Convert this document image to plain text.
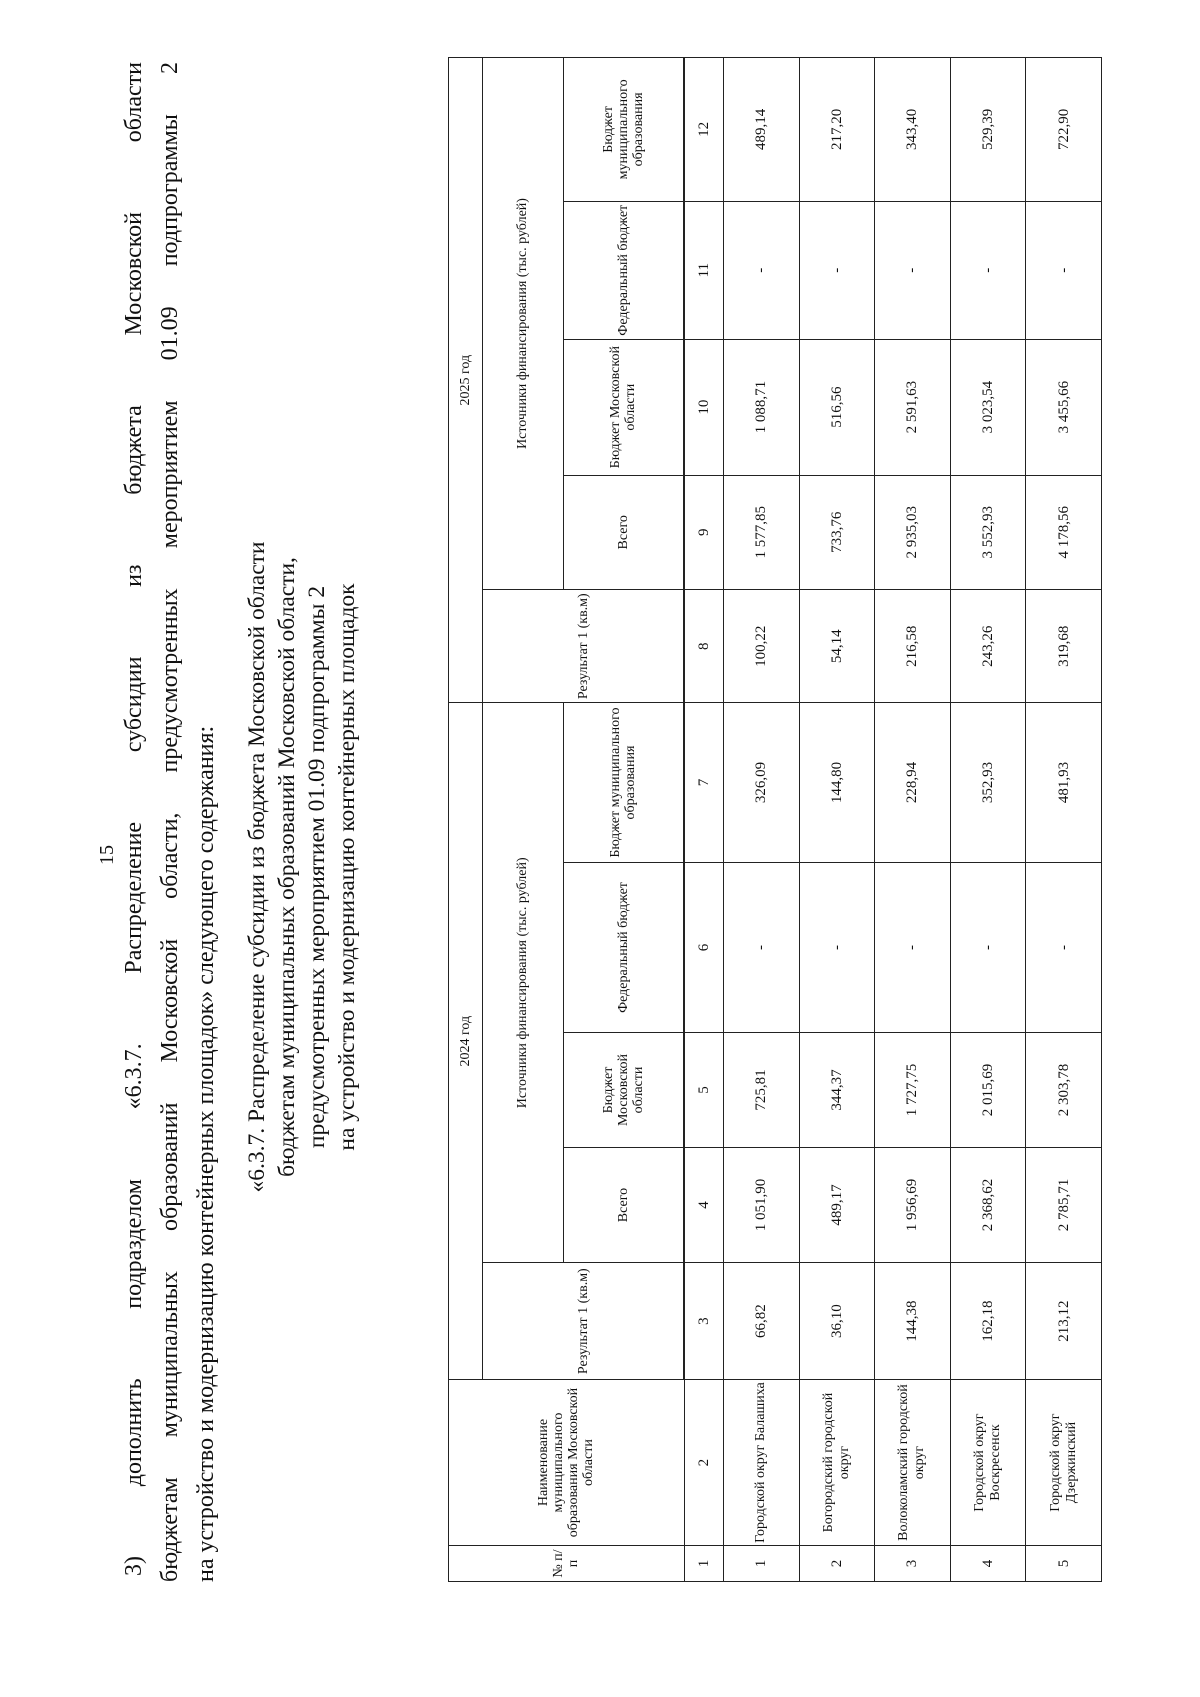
15 3) дополнить подразделом «6.3.7. Распределение субсидии из бюджета Московской области бюджетам муниципальных образований Московской области, предусмотренных мероприятием 01.09 подпрограммы 2 на устройство и модернизацию контейнерных площадок» следующего содержания: «6.3.7. Распределение субсидии из бюджета Московской области бюджетам муниципальных образований Московской области, предусмотренных мероприятием 01.09 подпрограммы 2 на устройство и модернизацию контейнерных площадок
№ п/п	Наименование муниципального образования Московской области	2024 год					2025 год				
		Результат 1 (кв.м)	Источники финансирования (тыс. рублей)				Результат 1 (кв.м)	Источники финансирования (тыс. рублей)			
			Всего	Бюджет Московской области	Федеральный бюджет	Бюджет муниципального образования		Всего	Бюджет Московской области	Федеральный бюджет	Бюджет муниципального образования

1	2	3	4	5	6	7	8	9	10	11	12
1	Городской округ Балашиха	66,82	1 051,90	725,81	-	326,09	100,22	1 577,85	1 088,71	-	489,14
2	Богородский городской округ	36,10	489,17	344,37	-	144,80	54,14	733,76	516,56	-	217,20
3	Волоколамский городской округ	144,38	1 956,69	1 727,75	-	228,94	216,58	2 935,03	2 591,63	-	343,40
4	Городской округ Воскресенск	162,18	2 368,62	2 015,69	-	352,93	243,26	3 552,93	3 023,54	-	529,39
5	Городской округ Дзержинский	213,12	2 785,71	2 303,78	-	481,93	319,68	4 178,56	3 455,66	-	722,90
